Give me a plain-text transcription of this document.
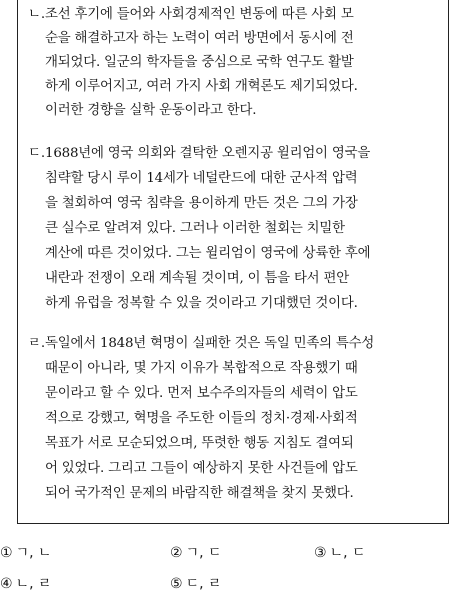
ㄴ. 조선 후기에 들어와 사회경제적인 변동에 따른 사회 모
순을 해결하고자 하는 노력이 여러 방면에서 동시에 전
개되었다. 일군의 학자들을 중심으로 국학 연구도 활발
하게 이루어지고, 여러 가지 사회 개혁론도 제기되었다.
이러한 경향을 실학 운동이라고 한다.
ㄷ. 1688년에 영국 의회와 결탁한 오렌지공 윌리엄이 영국을
침략할 당시 루이 14세가 네덜란드에 대한 군사적 압력
을 철회하여 영국 침략을 용이하게 만든 것은 그의 가장
큰 실수로 알려져 있다. 그러나 이러한 철회는 치밀한
계산에 따른 것이었다. 그는 윌리엄이 영국에 상륙한 후에
내란과 전쟁이 오래 계속될 것이며, 이 틈을 타서 편안
하게 유럽을 정복할 수 있을 것이라고 기대했던 것이다.
ㄹ. 독일에서 1848년 혁명이 실패한 것은 독일 민족의 특수성
때문이 아니라, 몇 가지 이유가 복합적으로 작용했기 때
문이라고 할 수 있다. 먼저 보수주의자들의 세력이 압도
적으로 강했고, 혁명을 주도한 이들의 정치·경제·사회적
목표가 서로 모순되었으며, 뚜렷한 행동 지침도 결여되
어 있었다. 그리고 그들이 예상하지 못한 사건들에 압도
되어 국가적인 문제의 바람직한 해결책을 찾지 못했다.
① ㄱ, ㄴ	② ㄱ, ㄷ	③ ㄴ, ㄷ
④ ㄴ, ㄹ	⑤ ㄷ, ㄹ
